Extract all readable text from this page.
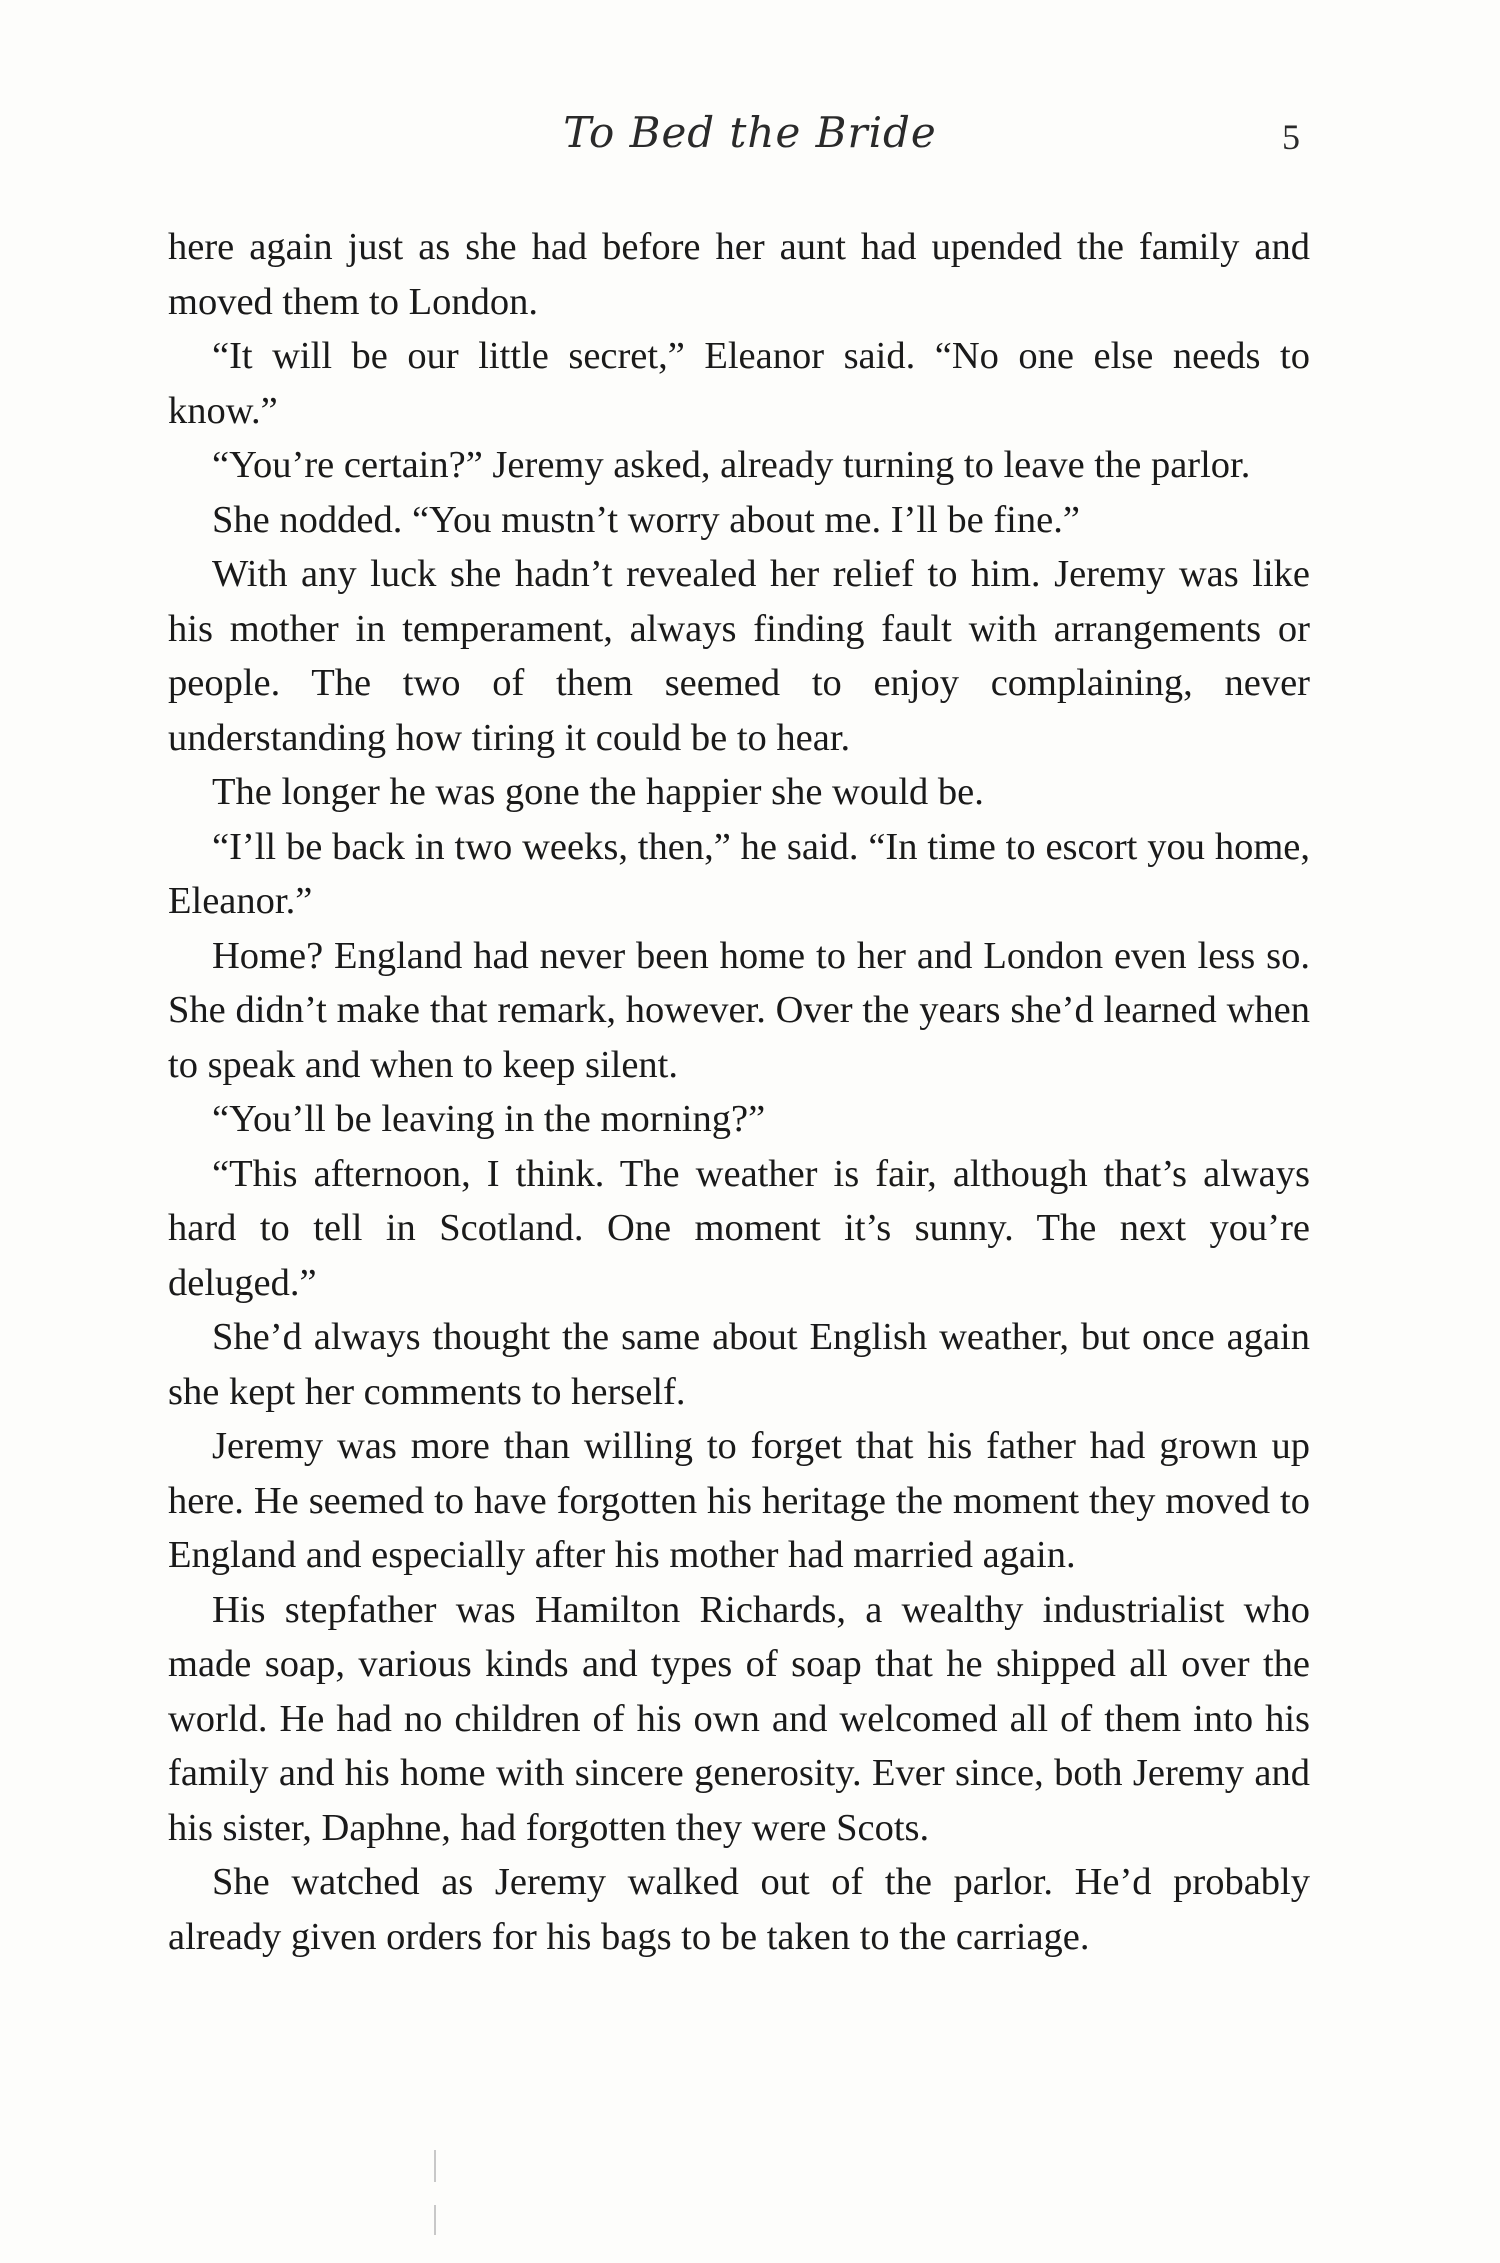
To Bed the Bride	5

here again just as she had before her aunt had upended the family and moved them to London.

“It will be our little secret,” Eleanor said. “No one else needs to know.”

“You’re certain?” Jeremy asked, already turning to leave the parlor.

She nodded. “You mustn’t worry about me. I’ll be fine.”

With any luck she hadn’t revealed her relief to him. Jeremy was like his mother in temperament, always finding fault with arrangements or people. The two of them seemed to enjoy complaining, never understanding how tiring it could be to hear.

The longer he was gone the happier she would be.

“I’ll be back in two weeks, then,” he said. “In time to escort you home, Eleanor.”

Home? England had never been home to her and London even less so. She didn’t make that remark, however. Over the years she’d learned when to speak and when to keep silent.

“You’ll be leaving in the morning?”

“This afternoon, I think. The weather is fair, although that’s always hard to tell in Scotland. One moment it’s sunny. The next you’re deluged.”

She’d always thought the same about English weather, but once again she kept her comments to herself.

Jeremy was more than willing to forget that his father had grown up here. He seemed to have forgotten his heritage the moment they moved to England and especially after his mother had married again.

His stepfather was Hamilton Richards, a wealthy industrialist who made soap, various kinds and types of soap that he shipped all over the world. He had no children of his own and welcomed all of them into his family and his home with sincere generosity. Ever since, both Jeremy and his sister, Daphne, had forgotten they were Scots.

She watched as Jeremy walked out of the parlor. He’d probably already given orders for his bags to be taken to the carriage.
